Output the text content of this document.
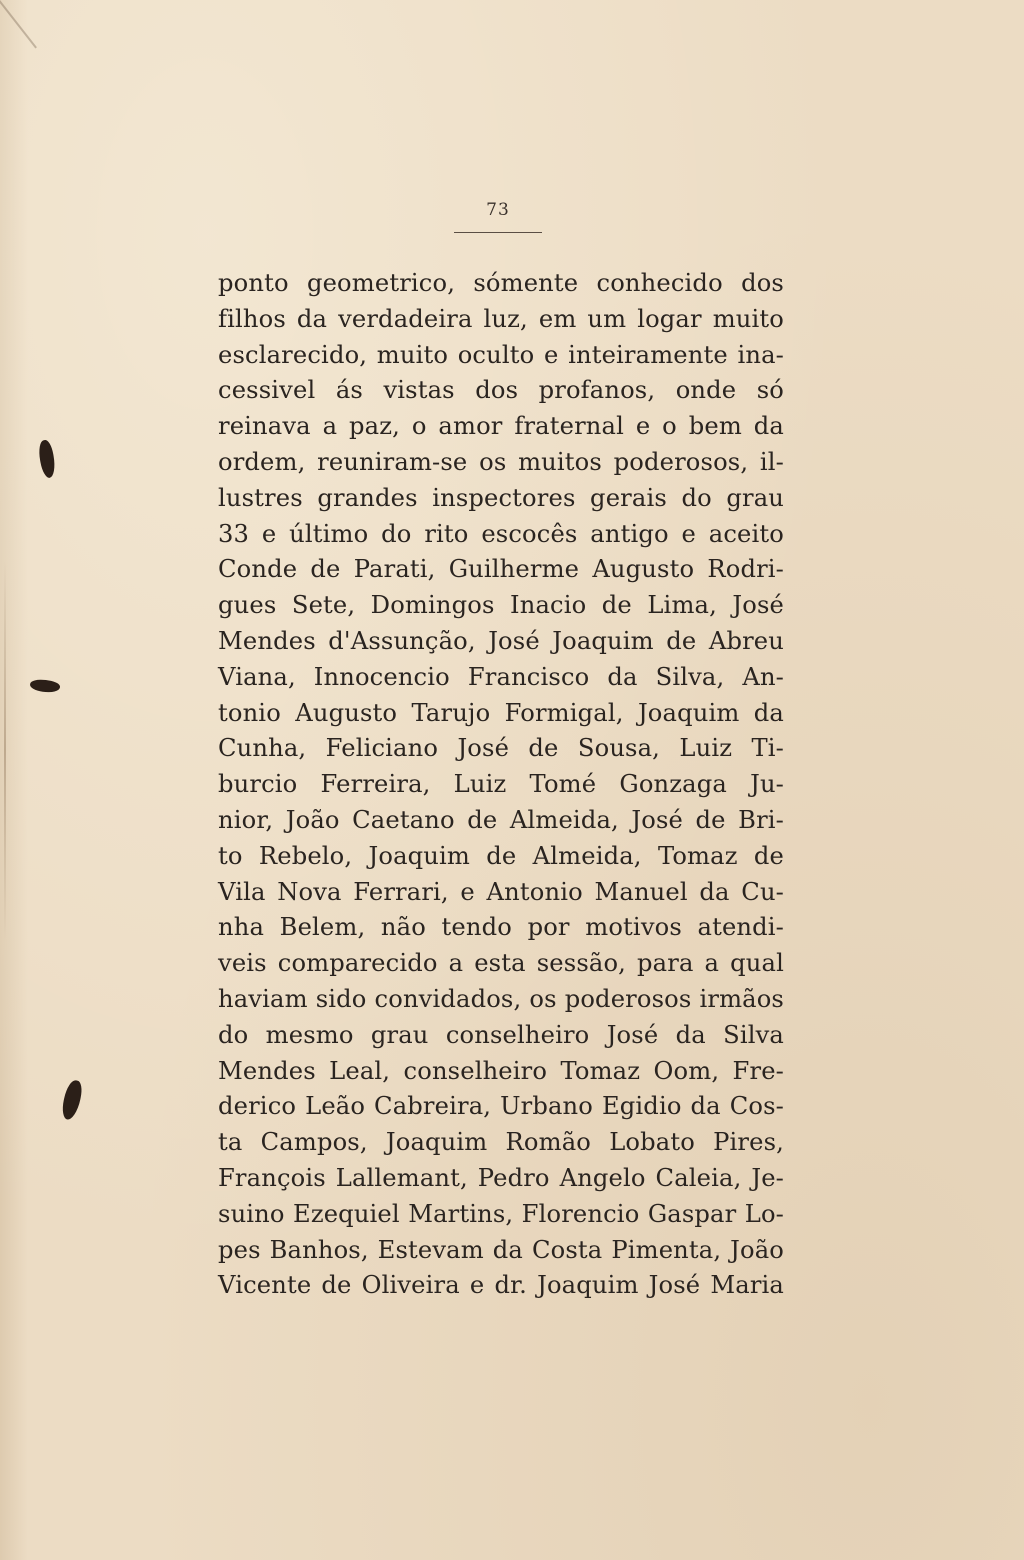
73
ponto geometrico, sómente conhecido dos
filhos da verdadeira luz, em um logar muito
esclarecido, muito oculto e inteiramente ina-
cessivel ás vistas dos profanos, onde só
reinava a paz, o amor fraternal e o bem da
ordem, reuniram-se os muitos poderosos, il-
lustres grandes inspectores gerais do grau
33 e último do rito escocês antigo e aceito
Conde de Parati, Guilherme Augusto Rodri-
gues Sete, Domingos Inacio de Lima, José
Mendes d'Assunção, José Joaquim de Abreu
Viana, Innocencio Francisco da Silva, An-
tonio Augusto Tarujo Formigal, Joaquim da
Cunha, Feliciano José de Sousa, Luiz Ti-
burcio Ferreira, Luiz Tomé Gonzaga Ju-
nior, João Caetano de Almeida, José de Bri-
to Rebelo, Joaquim de Almeida, Tomaz de
Vila Nova Ferrari, e Antonio Manuel da Cu-
nha Belem, não tendo por motivos atendi-
veis comparecido a esta sessão, para a qual
haviam sido convidados, os poderosos irmãos
do mesmo grau conselheiro José da Silva
Mendes Leal, conselheiro Tomaz Oom, Fre-
derico Leão Cabreira, Urbano Egidio da Cos-
ta Campos, Joaquim Romão Lobato Pires,
François Lallemant, Pedro Angelo Caleia, Je-
suino Ezequiel Martins, Florencio Gaspar Lo-
pes Banhos, Estevam da Costa Pimenta, João
Vicente de Oliveira e dr. Joaquim José Maria
